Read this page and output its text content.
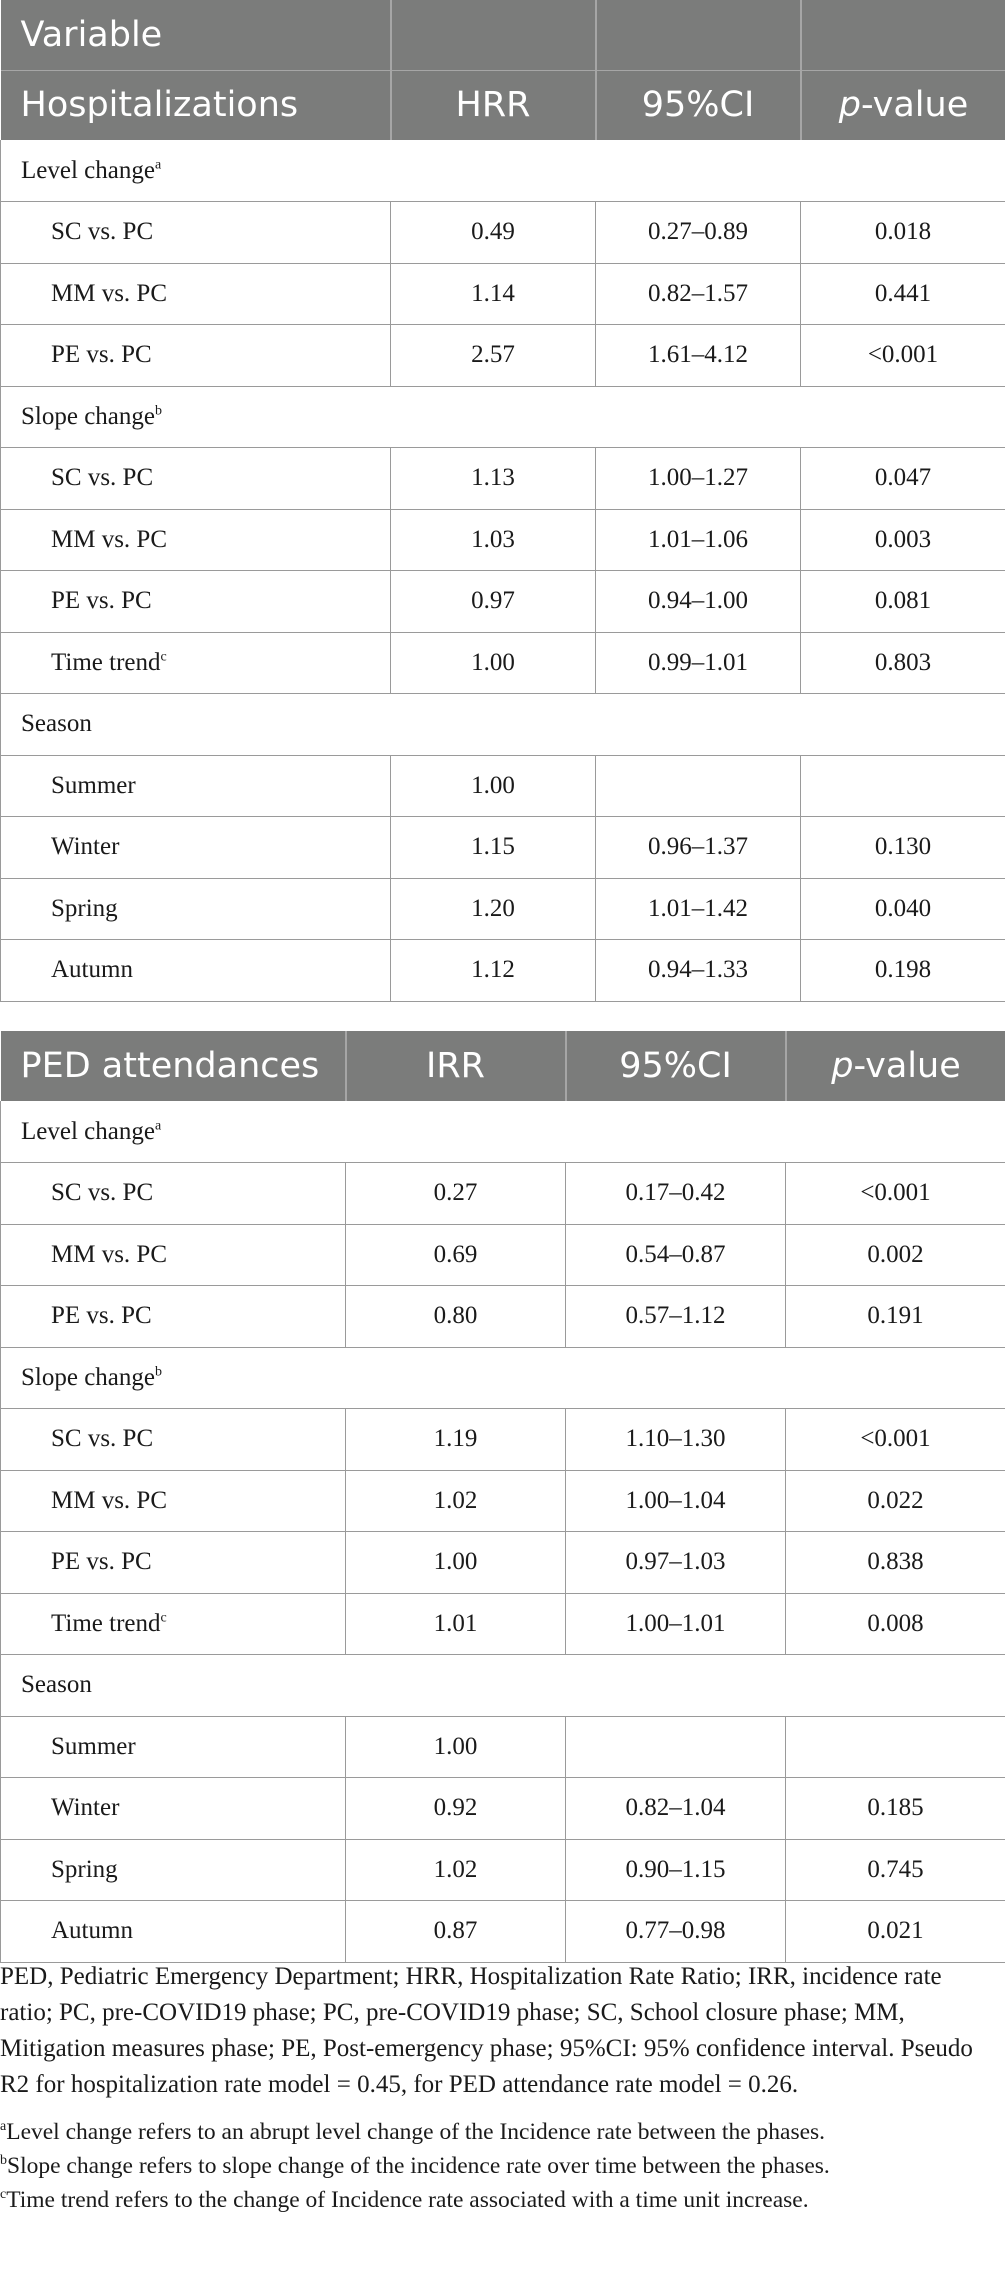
Variable			
Hospitalizations	HRR	95%CI	p-value
Level change$^a$
SC vs. PC	0.49	0.27–0.89	0.018
MM vs. PC	1.14	0.82–1.57	0.441
PE vs. PC	2.57	1.61–4.12	<0.001
Slope change$^b$
SC vs. PC	1.13	1.00–1.27	0.047
MM vs. PC	1.03	1.01–1.06	0.003
PE vs. PC	0.97	0.94–1.00	0.081
Time trend$^c$	1.00	0.99–1.01	0.803
Season			
Summer	1.00		
Winter	1.15	0.96–1.37	0.130
Spring	1.20	1.01–1.42	0.040
Autumn	1.12	0.94–1.33	0.198
PED attendances	IRR	95%CI	p-value
Level change$^a$
SC vs. PC	0.27	0.17–0.42	<0.001
MM vs. PC	0.69	0.54–0.87	0.002
PE vs. PC	0.80	0.57–1.12	0.191
Slope change$^b$
SC vs. PC	1.19	1.10–1.30	<0.001
MM vs. PC	1.02	1.00–1.04	0.022
PE vs. PC	1.00	0.97–1.03	0.838
Time trend$^c$	1.01	1.00–1.01	0.008
Season			
Summer	1.00		
Winter	0.92	0.82–1.04	0.185
Spring	1.02	0.90–1.15	0.745
Autumn	0.87	0.77–0.98	0.021

PED, Pediatric Emergency Department; HRR, Hospitalization Rate Ratio; IRR, incidence rate ratio; PC, pre-COVID19 phase; PC, pre-COVID19 phase; SC, School closure phase; MM, Mitigation measures phase; PE, Post-emergency phase; 95%CI: 95% confidence interval. Pseudo R2 for hospitalization rate model = 0.45, for PED attendance rate model = 0.26.

$^a$Level change refers to an abrupt level change of the Incidence rate between the phases.

$^b$Slope change refers to slope change of the incidence rate over time between the phases.

$^c$Time trend refers to the change of Incidence rate associated with a time unit increase.
